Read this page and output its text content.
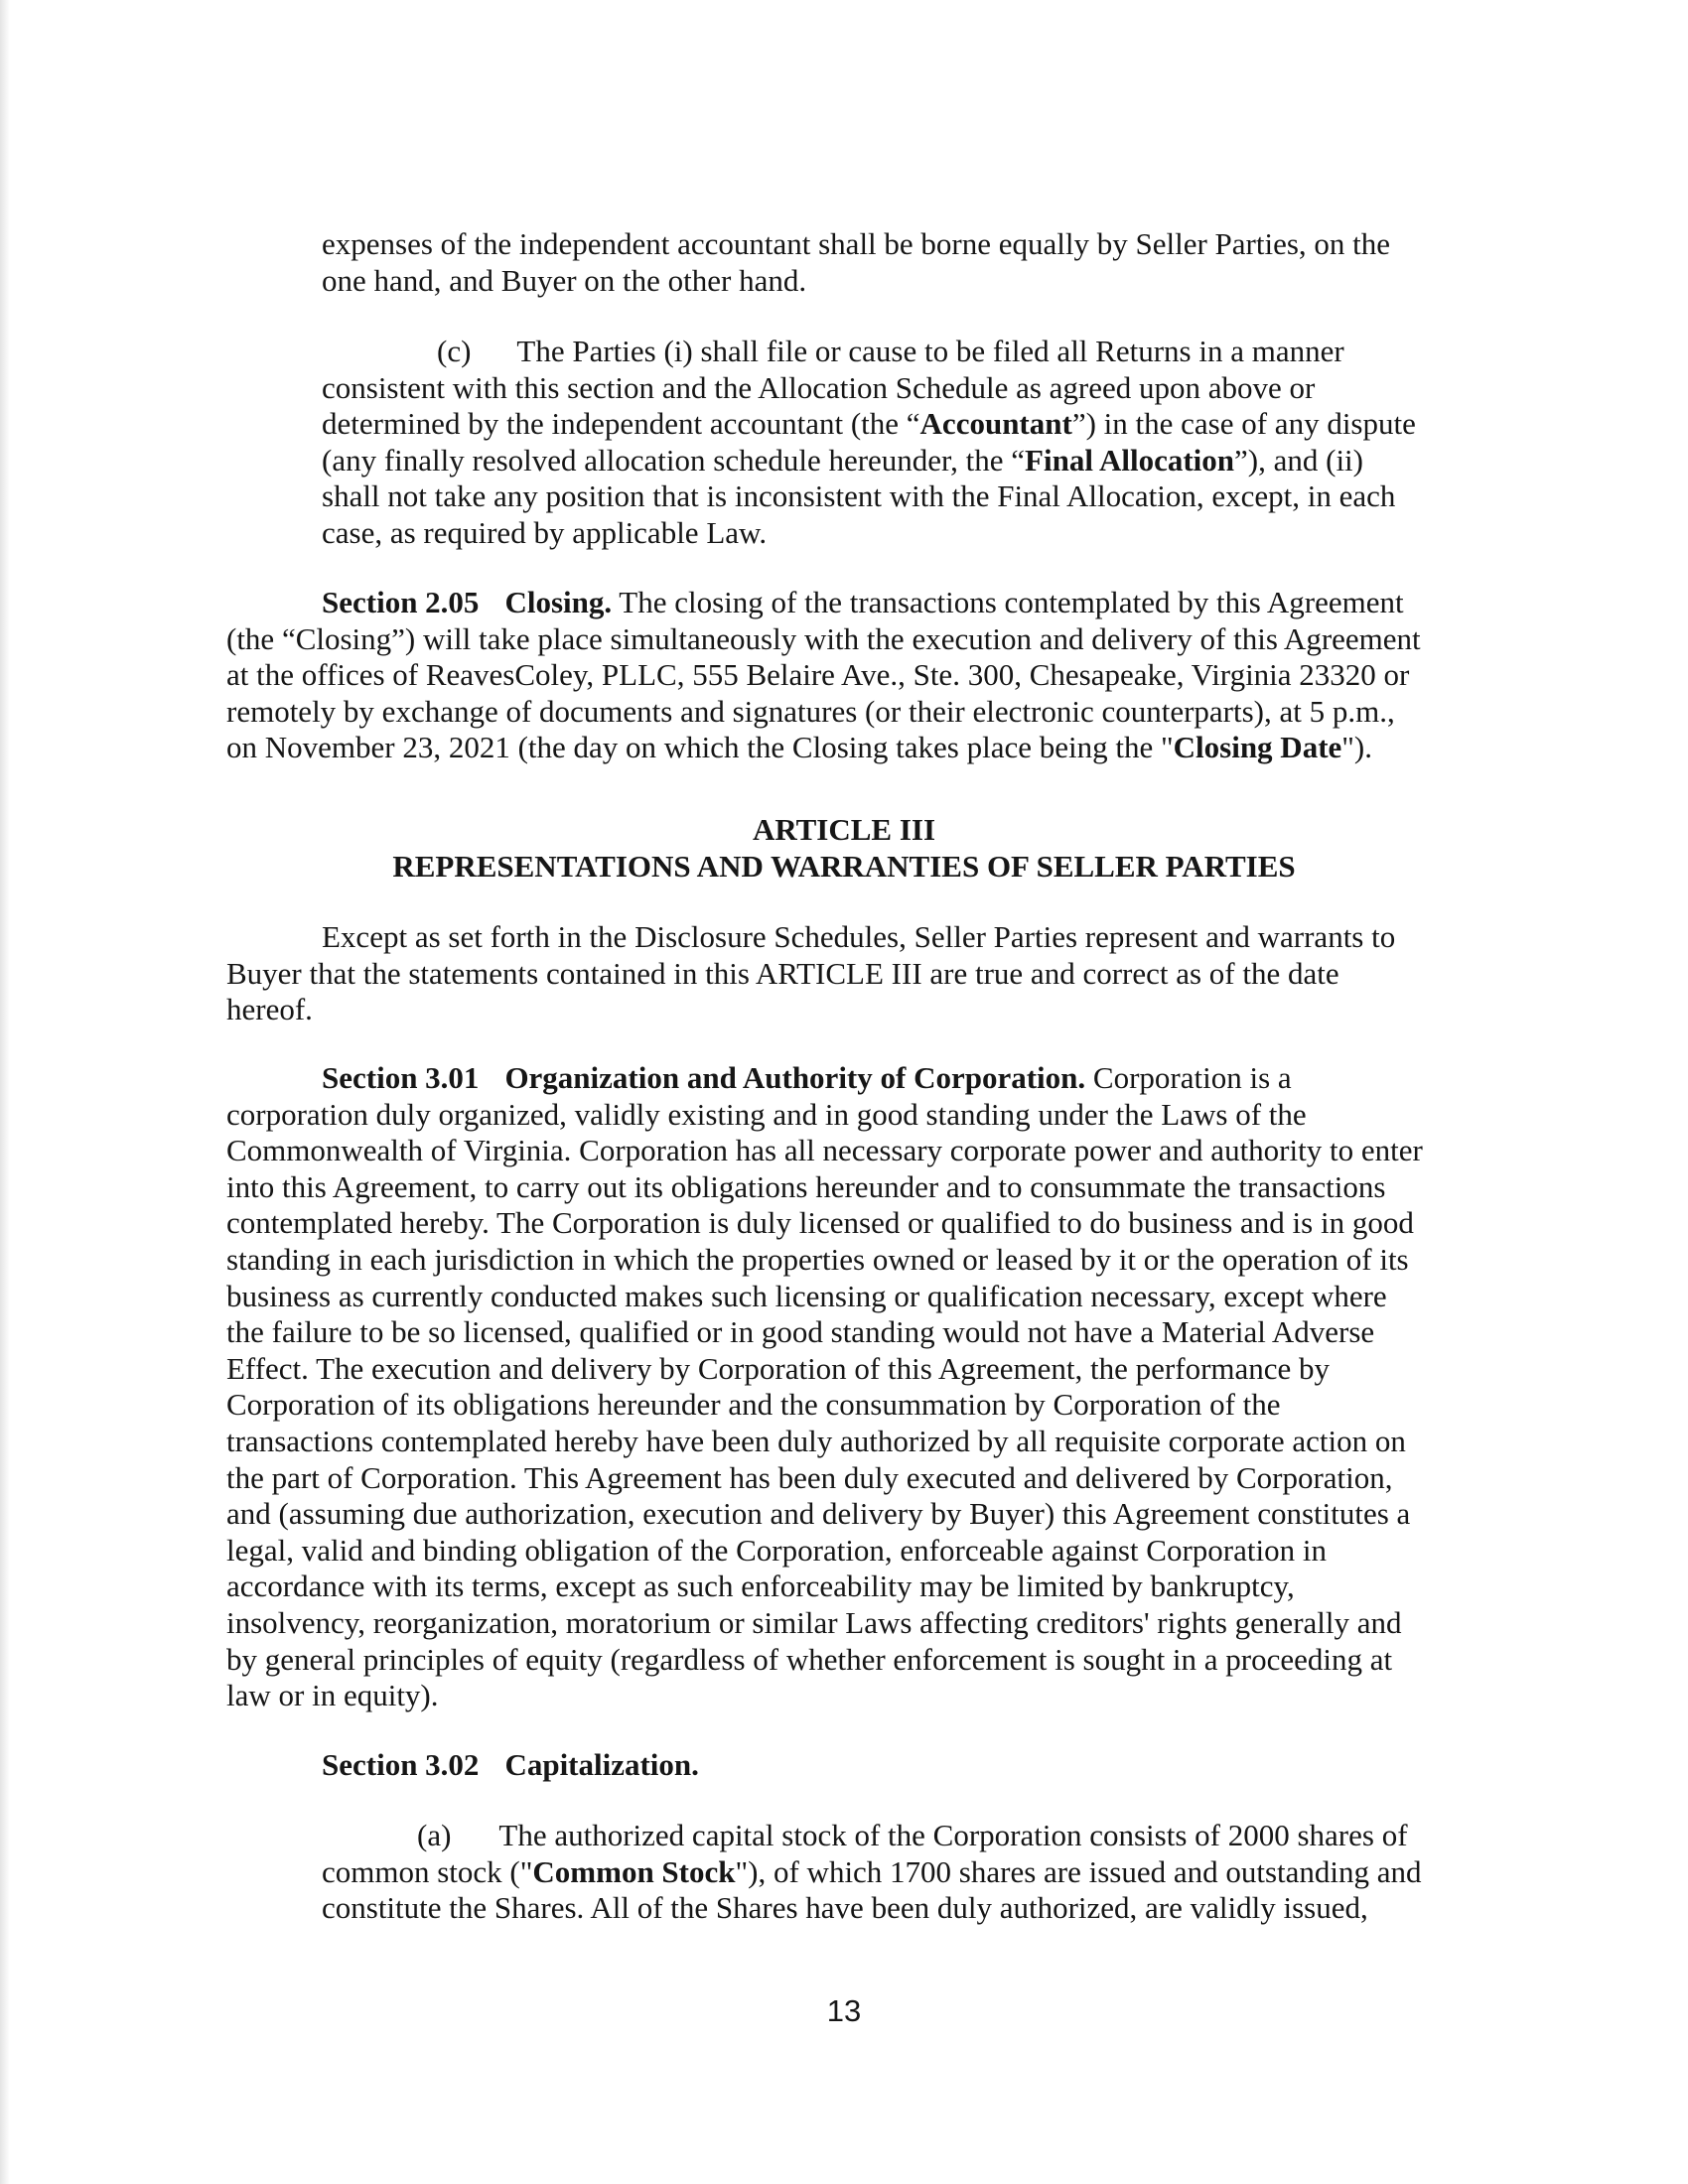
expenses of the independent accountant shall be borne equally by Seller Parties, on the
one hand, and Buyer on the other hand.
(c) The Parties (i) shall file or cause to be filed all Returns in a manner
consistent with this section and the Allocation Schedule as agreed upon above or
determined by the independent accountant (the “Accountant”) in the case of any dispute
(any finally resolved allocation schedule hereunder, the “Final Allocation”), and (ii)
shall not take any position that is inconsistent with the Final Allocation, except, in each
case, as required by applicable Law.
Section 2.05 Closing. The closing of the transactions contemplated by this Agreement
(the “Closing”) will take place simultaneously with the execution and delivery of this Agreement
at the offices of ReavesColey, PLLC, 555 Belaire Ave., Ste. 300, Chesapeake, Virginia 23320 or
remotely by exchange of documents and signatures (or their electronic counterparts), at 5 p.m.,
on November 23, 2021 (the day on which the Closing takes place being the "Closing Date").
ARTICLE III
REPRESENTATIONS AND WARRANTIES OF SELLER PARTIES
Except as set forth in the Disclosure Schedules, Seller Parties represent and warrants to
Buyer that the statements contained in this ARTICLE III are true and correct as of the date
hereof.
Section 3.01 Organization and Authority of Corporation. Corporation is a
corporation duly organized, validly existing and in good standing under the Laws of the
Commonwealth of Virginia. Corporation has all necessary corporate power and authority to enter
into this Agreement, to carry out its obligations hereunder and to consummate the transactions
contemplated hereby. The Corporation is duly licensed or qualified to do business and is in good
standing in each jurisdiction in which the properties owned or leased by it or the operation of its
business as currently conducted makes such licensing or qualification necessary, except where
the failure to be so licensed, qualified or in good standing would not have a Material Adverse
Effect. The execution and delivery by Corporation of this Agreement, the performance by
Corporation of its obligations hereunder and the consummation by Corporation of the
transactions contemplated hereby have been duly authorized by all requisite corporate action on
the part of Corporation. This Agreement has been duly executed and delivered by Corporation,
and (assuming due authorization, execution and delivery by Buyer) this Agreement constitutes a
legal, valid and binding obligation of the Corporation, enforceable against Corporation in
accordance with its terms, except as such enforceability may be limited by bankruptcy,
insolvency, reorganization, moratorium or similar Laws affecting creditors' rights generally and
by general principles of equity (regardless of whether enforcement is sought in a proceeding at
law or in equity).
Section 3.02 Capitalization.
(a) The authorized capital stock of the Corporation consists of 2000 shares of
common stock ("Common Stock"), of which 1700 shares are issued and outstanding and
constitute the Shares. All of the Shares have been duly authorized, are validly issued,
13
